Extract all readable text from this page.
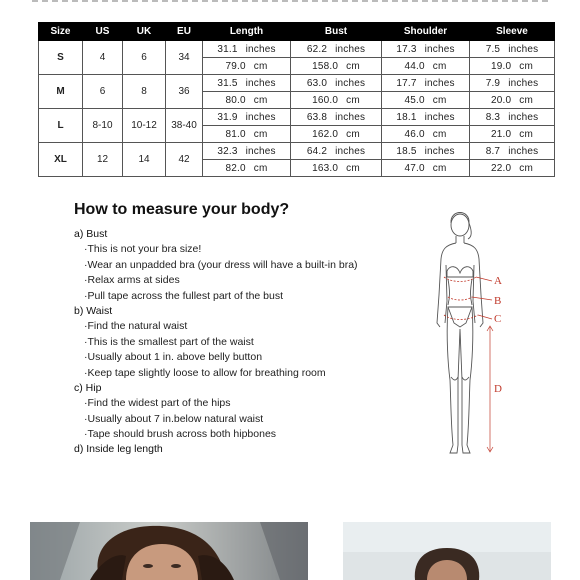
Size	US	UK	EU	Length	Bust	Shoulder	Sleeve
S	4	6	34	31.1 inches	62.2 inches	17.3 inches	7.5 inches
				79.0 cm	158.0 cm	44.0 cm	19.0 cm
M	6	8	36	31.5 inches	63.0 inches	17.7 inches	7.9 inches
				80.0 cm	160.0 cm	45.0 cm	20.0 cm
L	8-10	10-12	38-40	31.9 inches	63.8 inches	18.1 inches	8.3 inches
				81.0 cm	162.0 cm	46.0 cm	21.0 cm
XL	12	14	42	32.3 inches	64.2 inches	18.5 inches	8.7 inches
				82.0 cm	163.0 cm	47.0 cm	22.0 cm
How to measure your body?
a) Bust
·This is not your bra size!
·Wear an unpadded bra (your dress will have a built-in bra)
·Relax arms at sides
·Pull tape across the fullest part of the bust
b) Waist
·Find the natural waist
·This is the smallest part of the waist
·Usually about 1 in. above belly button
·Keep tape slightly loose to allow for breathing room
c) Hip
·Find the widest part of the hips
·Usually about 7 in.below natural waist
·Tape should brush across both hipbones
d) Inside leg length
A
B
C
D
